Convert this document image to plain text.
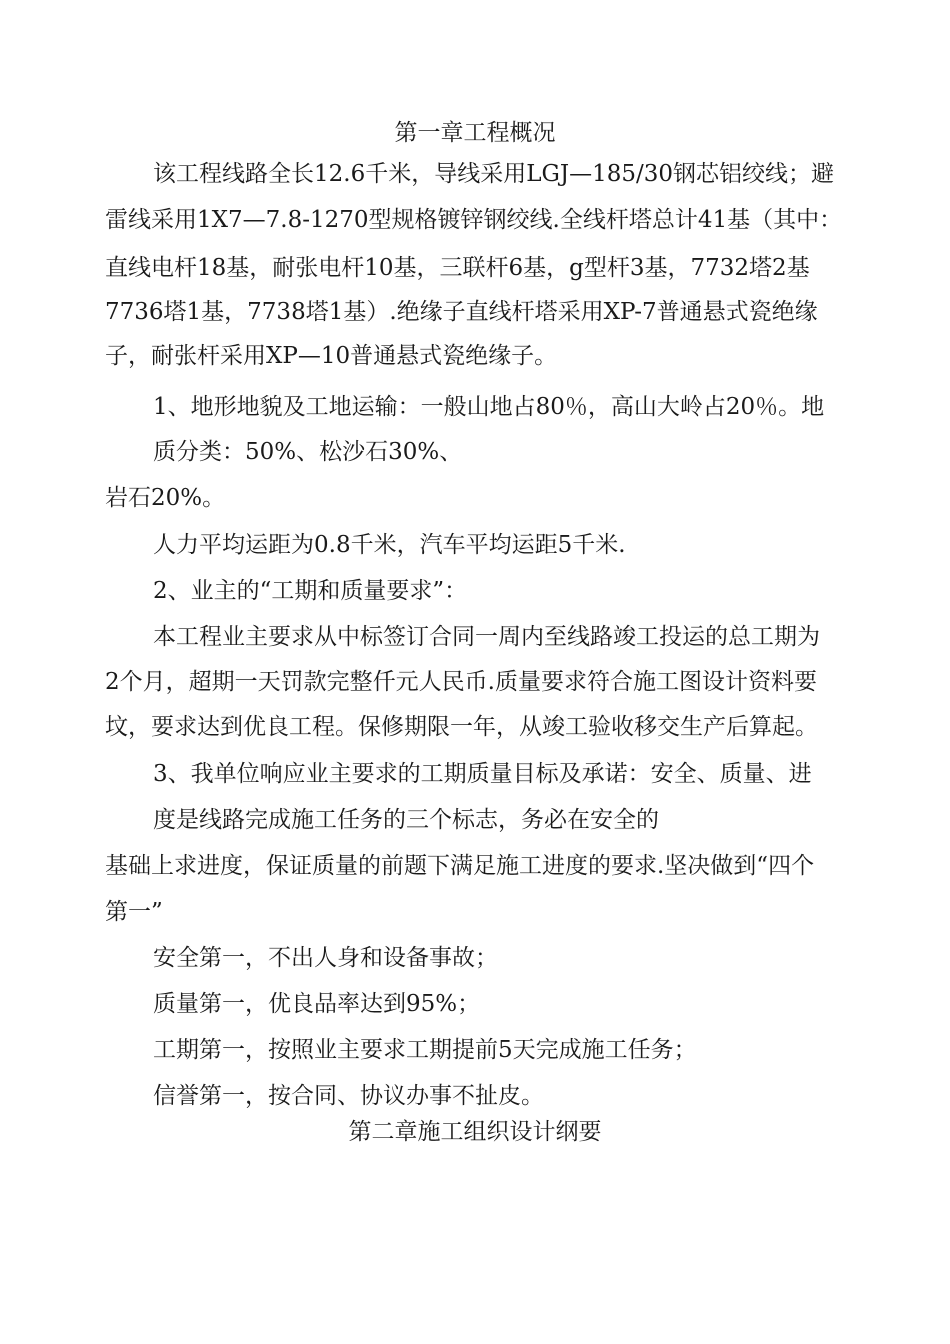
第一章工程概况

该工程线路全长12.6千米，导线采用LGJ—185/30钢芯铝绞线；避

雷线采用1X7—7.8-1270型规格镀锌钢绞线.全线杆塔总计41基（其中：

直线电杆18基，耐张电杆10基，三联杆6基，g型杆3基，7732塔2基

7736塔1基，7738塔1基）.绝缘子直线杆塔采用XP-7普通悬式瓷绝缘

子，耐张杆采用XP—10普通悬式瓷绝缘子。

1、地形地貌及工地运输：一般山地占80％，高山大岭占20％。地

质分类：50%、松沙石30%、

岩石20%。

人力平均运距为0.8千米，汽车平均运距5千米.

2、业主的“工期和质量要求”：

本工程业主要求从中标签订合同一周内至线路竣工投运的总工期为

2个月，超期一天罚款完整仟元人民币.质量要求符合施工图设计资料要

坟，要求达到优良工程。保修期限一年，从竣工验收移交生产后算起。

3、我单位响应业主要求的工期质量目标及承诺：安全、质量、进

度是线路完成施工任务的三个标志，务必在安全的

基础上求进度，保证质量的前题下满足施工进度的要求.坚决做到“四个

第一”

安全第一，不出人身和设备事故；

质量第一，优良品率达到95%；

工期第一，按照业主要求工期提前5天完成施工任务；

信誉第一，按合同、协议办事不扯皮。

第二章施工组织设计纲要
